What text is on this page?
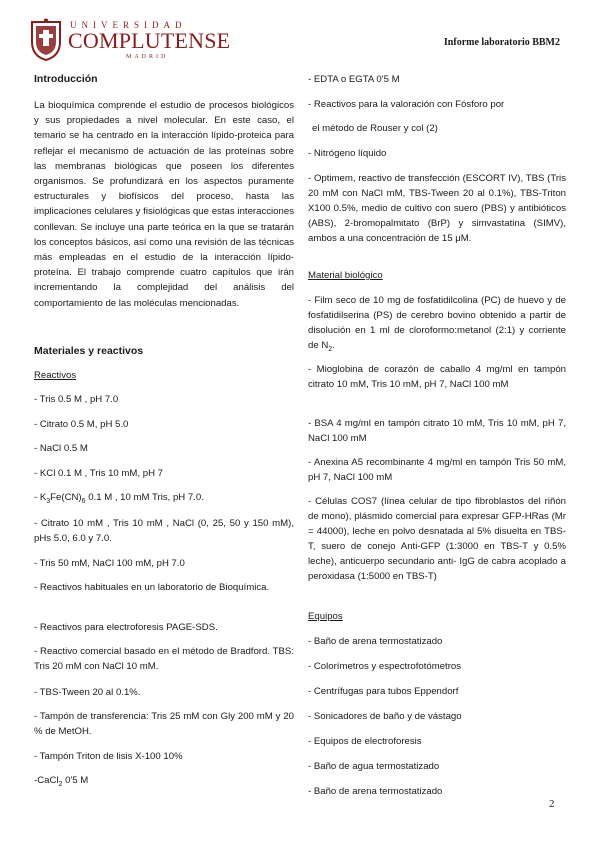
UNIVERSIDAD
COMPLUTENSE
MADRID
Informe laboratorio BBM2
Introducción
La bioquímica comprende el estudio de procesos biológicos y sus propiedades a nivel molecular. En este caso, el temario se ha centrado en la interacción lípido-proteica para reflejar el mecanismo de actuación de las proteínas sobre las membranas biológicas que poseen los diferentes organismos. Se profundizará en los aspectos puramente estructurales y biofísicos del proceso, hasta las implicaciones celulares y fisiológicas que estas interacciones conllevan. Se incluye una parte teórica en la que se tratarán los conceptos básicos, así como una revisión de las técnicas más empleadas en el estudio de la interacción lípido-proteína. El trabajo comprende cuatro capítulos que irán incrementando la complejidad del análisis del comportamiento de las moléculas mencionadas.
Materiales y reactivos
Reactivos
- Tris 0.5 M , pH 7.0
- Citrato 0.5 M, pH 5.0
- NaCl 0.5 M
- KCl 0.1 M , Tris 10 mM, pH 7
- $K_3Fe(CN)_6$ 0.1 M , 10 mM Tris, pH 7.0.
- Citrato 10 mM , Tris 10 mM , NaCl (0, 25, 50 y 150 mM), pHs 5.0, 6.0 y 7.0.
- Tris 50 mM, NaCl 100 mM, pH 7.0
- Reactivos habituales en un laboratorio de Bioquímica.
- Reactivos para electroforesis PAGE-SDS.
- Reactivo comercial basado en el método de Bradford. TBS: Tris 20 mM con NaCl 10 mM.
- TBS-Tween 20 al 0.1%.
- Tampón de transferencia: Tris 25 mM con Gly 200 mM y 20 % de MetOH.
- Tampón Triton de lisis X-100 10%
-CaCl$_2$ 0'5 M
- EDTA o EGTA 0'5 M
- Reactivos para la valoración con Fósforo por
el método de Rouser y col (2)
- Nitrógeno líquido
- Optimem, reactivo de transfección (ESCORT IV), TBS (Tris 20 mM con NaCl mM, TBS-Tween 20 al 0.1%), TBS-Triton X100 0.5%, medio de cultivo con suero (PBS) y antibióticos (ABS), 2-bromopalmitato (BrP) y simvastatina (SIMV), ambos a una concentración de 15 μM.
Material biológico
- Film seco de 10 mg de fosfatidilcolina (PC) de huevo y de fosfatidilserina (PS) de cerebro bovino obtenido a partir de disolución en 1 ml de cloroformo:metanol (2:1) y corriente de $N_2$.
- Mioglobina de corazón de caballo 4 mg/ml en tampón citrato 10 mM, Tris 10 mM, pH 7, NaCl 100 mM
- BSA 4 mg/ml en tampón citrato 10 mM, Tris 10 mM, pH 7, NaCl 100 mM
- Anexina A5 recombinante 4 mg/ml en tampón Tris 50 mM, pH 7, NaCl 100 mM
- Células COS7 (línea celular de tipo fibroblastos del riñón de mono), plásmido comercial para expresar GFP-HRas (Mr = 44000), leche en polvo desnatada al 5% disuelta en TBS-T, suero de conejo Anti-GFP (1:3000 en TBS-T y 0.5% leche), anticuerpo secundario anti- IgG de cabra acoplado a peroxidasa (1:5000 en TBS-T)
Equipos
- Baño de arena termostatizado
- Colorímetros y espectrofotómetros
- Centrífugas para tubos Eppendorf
- Sonicadores de baño y de vástago
- Equipos de electroforesis
- Baño de agua termostatizado
- Baño de arena termostatizado
2
